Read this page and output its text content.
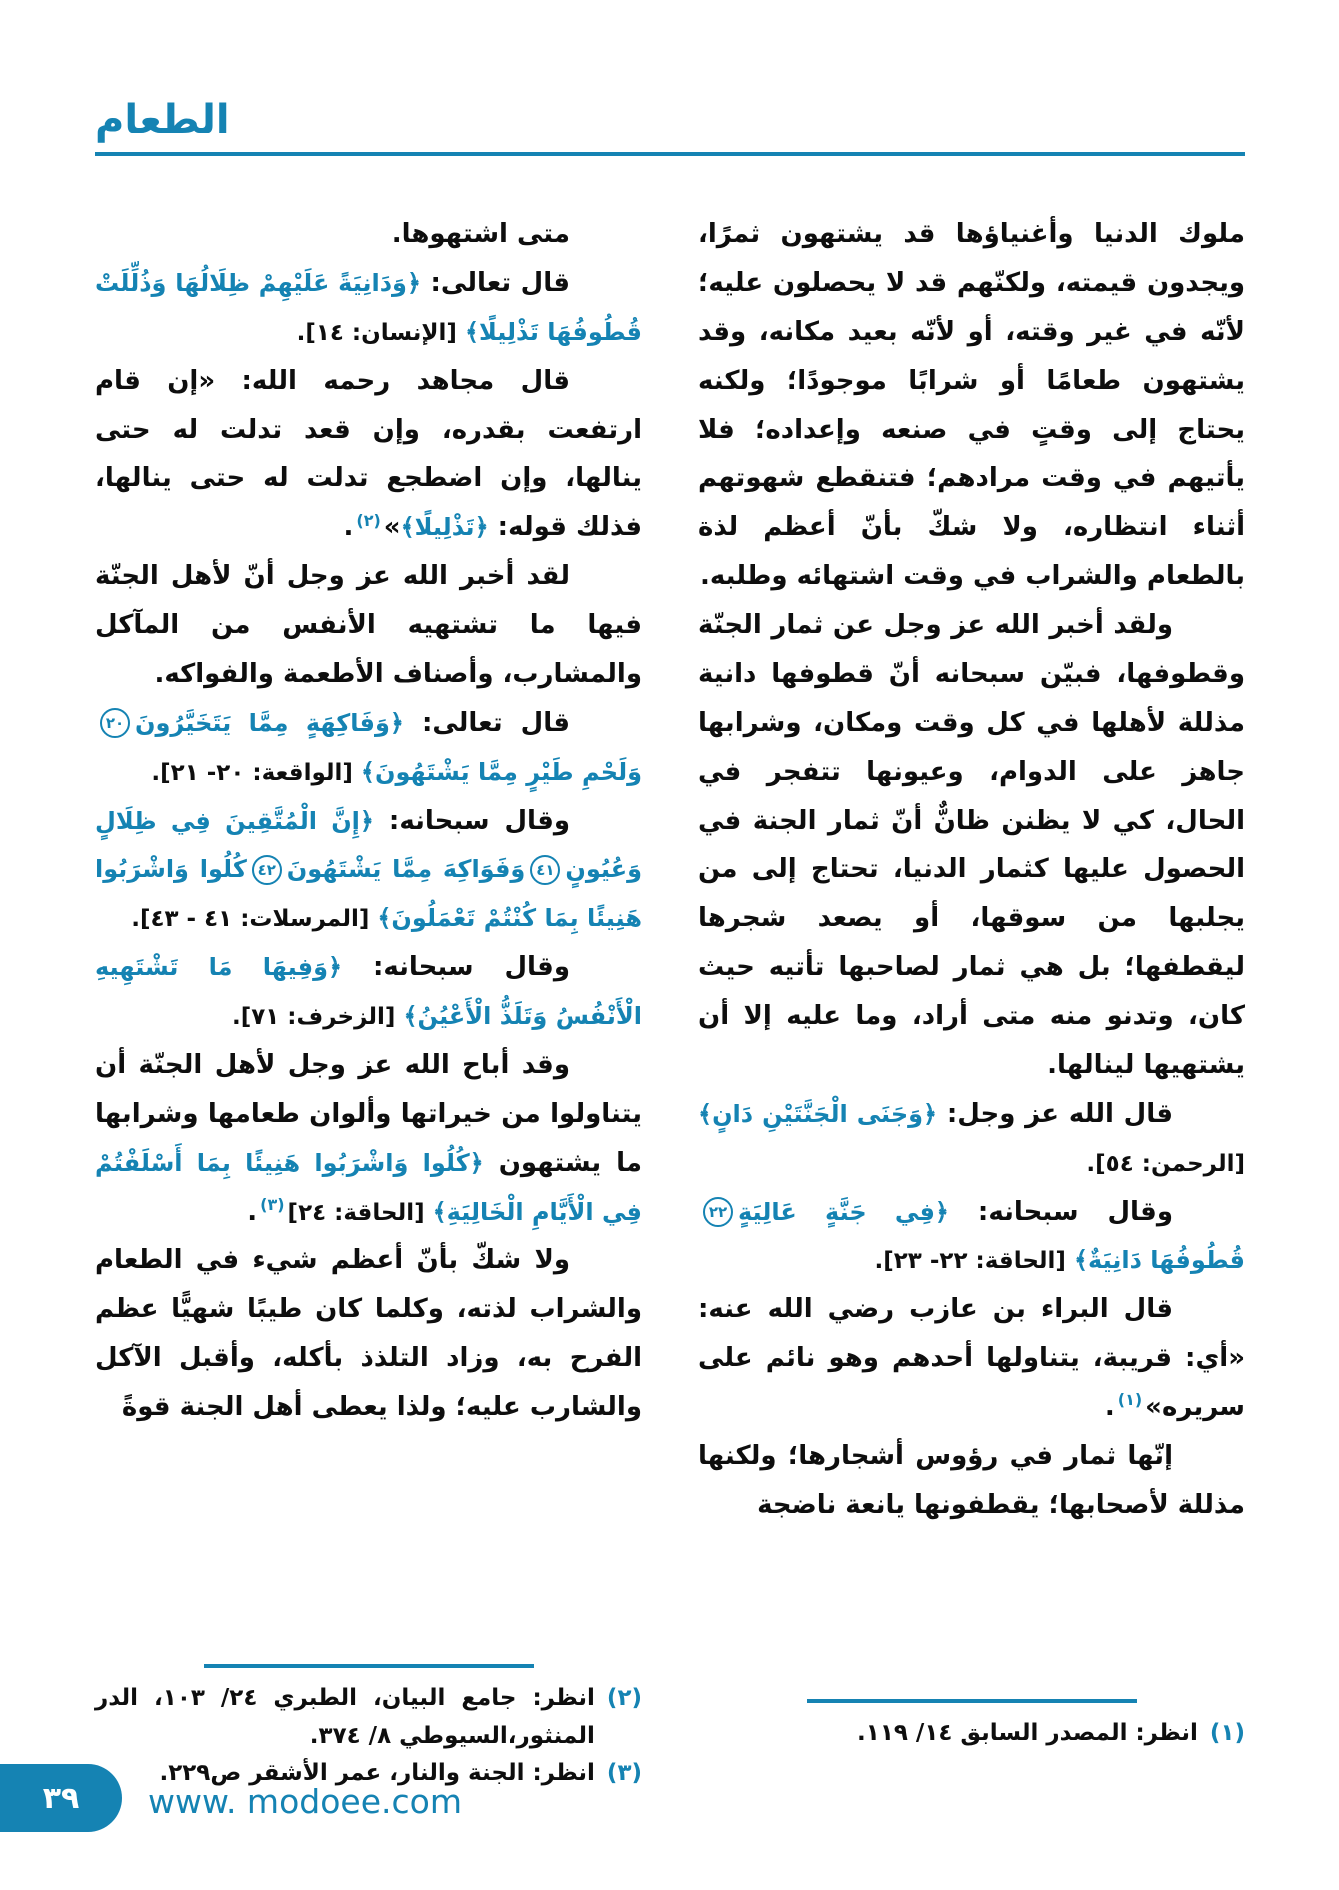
الطعام

ملوك الدنيا وأغنياؤها قد يشتهون ثمرًا، ويجدون قيمته، ولكنّهم قد لا يحصلون عليه؛ لأنّه في غير وقته، أو لأنّه بعيد مكانه، وقد يشتهون طعامًا أو شرابًا موجودًا؛ ولكنه يحتاج إلى وقتٍ في صنعه وإعداده؛ فلا يأتيهم في وقت مرادهم؛ فتنقطع شهوتهم أثناء انتظاره، ولا شكّ بأنّ أعظم لذة بالطعام والشراب في وقت اشتهائه وطلبه.

ولقد أخبر الله عز وجل عن ثمار الجنّة وقطوفها، فبيّن سبحانه أنّ قطوفها دانية مذللة لأهلها في كل وقت ومكان، وشرابها جاهز على الدوام، وعيونها تتفجر في الحال، كي لا يظنن ظانٌّ أنّ ثمار الجنة في الحصول عليها كثمار الدنيا، تحتاج إلى من يجلبها من سوقها، أو يصعد شجرها ليقطفها؛ بل هي ثمار لصاحبها تأتيه حيث كان، وتدنو منه متى أراد، وما عليه إلا أن يشتهيها لينالها.

قال الله عز وجل: ﴿وَجَنَى الْجَنَّتَيْنِ دَانٍ﴾ [الرحمن: ٥٤].

وقال سبحانه: ﴿فِي جَنَّةٍ عَالِيَةٍ٢٢قُطُوفُهَا دَانِيَةٌ﴾ [الحاقة: ٢٢- ٢٣].

قال البراء بن عازب رضي الله عنه: «أي: قريبة، يتناولها أحدهم وهو نائم على سريره»$^{(١)}$.

إنّها ثمار في رؤوس أشجارها؛ ولكنها مذللة لأصحابها؛ يقطفونها يانعة ناضجة

(١)
انظر: المصدر السابق ١٤/ ١١٩.

متى اشتهوها.

قال تعالى: ﴿وَدَانِيَةً عَلَيْهِمْ ظِلَالُهَا وَذُلِّلَتْ قُطُوفُهَا تَذْلِيلًا﴾ [الإنسان: ١٤].

قال مجاهد رحمه الله: «إن قام ارتفعت بقدره، وإن قعد تدلت له حتى ينالها، وإن اضطجع تدلت له حتى ينالها، فذلك قوله: ﴿تَذْلِيلًا﴾»$^{(٢)}$.

لقد أخبر الله عز وجل أنّ لأهل الجنّة فيها ما تشتهيه الأنفس من المآكل والمشارب، وأصناف الأطعمة والفواكه.

قال تعالى: ﴿وَفَاكِهَةٍ مِمَّا يَتَخَيَّرُونَ٢٠وَلَحْمِ طَيْرٍ مِمَّا يَشْتَهُونَ﴾ [الواقعة: ٢٠- ٢١].

وقال سبحانه: ﴿إِنَّ الْمُتَّقِينَ فِي ظِلَالٍ وَعُيُونٍ٤١وَفَوَاكِهَ مِمَّا يَشْتَهُونَ٤٢كُلُوا وَاشْرَبُوا هَنِيئًا بِمَا كُنْتُمْ تَعْمَلُونَ﴾ [المرسلات: ٤١ - ٤٣].

وقال سبحانه: ﴿وَفِيهَا مَا تَشْتَهِيهِ الْأَنْفُسُ وَتَلَذُّ الْأَعْيُنُ﴾ [الزخرف: ٧١].

وقد أباح الله عز وجل لأهل الجنّة أن يتناولوا من خيراتها وألوان طعامها وشرابها ما يشتهون ﴿كُلُوا وَاشْرَبُوا هَنِيئًا بِمَا أَسْلَفْتُمْ فِي الْأَيَّامِ الْخَالِيَةِ﴾ [الحاقة: ٢٤]$^{(٣)}$.

ولا شكّ بأنّ أعظم شيء في الطعام والشراب لذته، وكلما كان طيبًا شهيًّا عظم الفرح به، وزاد التلذذ بأكله، وأقبل الآكل والشارب عليه؛ ولذا يعطى أهل الجنة قوةً

(٢)
انظر: جامع البيان، الطبري ٢٤/ ١٠٣، الدر المنثور،السيوطي ٨/ ٣٧٤.
(٣)
انظر: الجنة والنار، عمر الأشقر ص٢٢٩.
٣٩ www. modoee.com
